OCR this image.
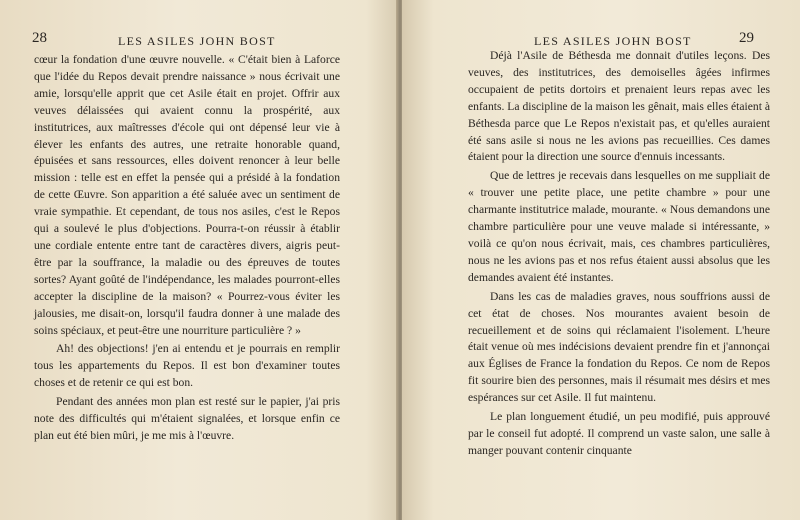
28	LES ASILES JOHN BOST

cœur la fondation d'une œuvre nouvelle. « C'était bien à Laforce que l'idée du Repos devait prendre naissance » nous écrivait une amie, lorsqu'elle apprit que cet Asile était en projet. Offrir aux veuves délaissées qui avaient connu la prospérité, aux institutrices, aux maîtresses d'école qui ont dépensé leur vie à élever les enfants des autres, une retraite honorable quand, épuisées et sans ressources, elles doivent renoncer à leur belle mission : telle est en effet la pensée qui a présidé à la fondation de cette Œuvre. Son apparition a été saluée avec un sentiment de vraie sympathie. Et cependant, de tous nos asiles, c'est le Repos qui a soulevé le plus d'objections. Pourra-t-on réussir à établir une cordiale entente entre tant de caractères divers, aigris peut-être par la souffrance, la maladie ou des épreuves de toutes sortes? Ayant goûté de l'indépendance, les malades pourront-elles accepter la discipline de la maison? « Pourrez-vous éviter les jalousies, me disait-on, lorsqu'il faudra donner à une malade des soins spéciaux, et peut-être une nourriture particulière ? »

Ah! des objections! j'en ai entendu et je pourrais en remplir tous les appartements du Repos. Il est bon d'examiner toutes choses et de retenir ce qui est bon.

Pendant des années mon plan est resté sur le papier, j'ai pris note des difficultés qui m'étaient signalées, et lorsque enfin ce plan eut été bien mûri, je me mis à l'œuvre.

LES ASILES JOHN BOST	29

Déjà l'Asile de Béthesda me donnait d'utiles leçons. Des veuves, des institutrices, des demoiselles âgées infirmes occupaient de petits dortoirs et prenaient leurs repas avec les enfants. La discipline de la maison les gênait, mais elles étaient à Béthesda parce que Le Repos n'existait pas, et qu'elles auraient été sans asile si nous ne les avions pas recueillies. Ces dames étaient pour la direction une source d'ennuis incessants.

Que de lettres je recevais dans lesquelles on me suppliait de « trouver une petite place, une petite chambre » pour une charmante institutrice malade, mourante. « Nous demandons une chambre particulière pour une veuve malade si intéressante, » voilà ce qu'on nous écrivait, mais, ces chambres particulières, nous ne les avions pas et nos refus étaient aussi absolus que les demandes avaient été instantes.

Dans les cas de maladies graves, nous souffrions aussi de cet état de choses. Nos mourantes avaient besoin de recueillement et de soins qui réclamaient l'isolement. L'heure était venue où mes indécisions devaient prendre fin et j'annonçai aux Églises de France la fondation du Repos. Ce nom de Repos fit sourire bien des personnes, mais il résumait mes désirs et mes espérances sur cet Asile. Il fut maintenu.

Le plan longuement étudié, un peu modifié, puis approuvé par le conseil fut adopté. Il comprend un vaste salon, une salle à manger pouvant contenir cinquante
